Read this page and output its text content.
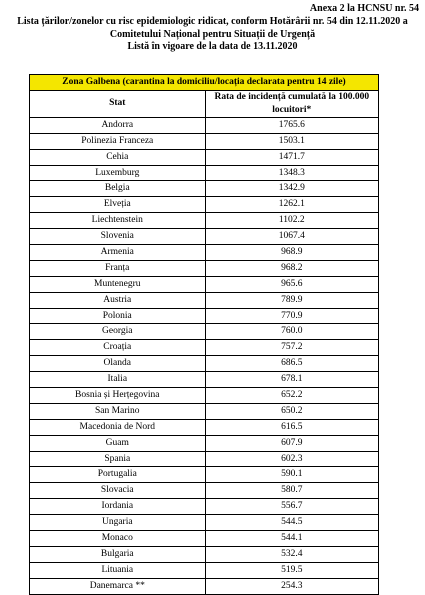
Anexa 2 la HCNSU nr. 54
Lista țărilor/zonelor cu risc epidemiologic ridicat, conform Hotărârii nr. 54 din 12.11.2020 a
Comitetului Național pentru Situații de Urgență
Listă în vigoare de la data de 13.11.2020
Zona Galbena (carantina la domiciliu/locația declarata pentru 14 zile)	
Stat	Rata de incidență cumulată la 100.000 locuitori*
Andorra	1765.6
Polinezia Franceza	1503.1
Cehia	1471.7
Luxemburg	1348.3
Belgia	1342.9
Elveția	1262.1
Liechtenstein	1102.2
Slovenia	1067.4
Armenia	968.9
Franța	968.2
Muntenegru	965.6
Austria	789.9
Polonia	770.9
Georgia	760.0
Croația	757.2
Olanda	686.5
Italia	678.1
Bosnia și Herțegovina	652.2
San Marino	650.2
Macedonia de Nord	616.5
Guam	607.9
Spania	602.3
Portugalia	590.1
Slovacia	580.7
Iordania	556.7
Ungaria	544.5
Monaco	544.1
Bulgaria	532.4
Lituania	519.5
Danemarca **	254.3
